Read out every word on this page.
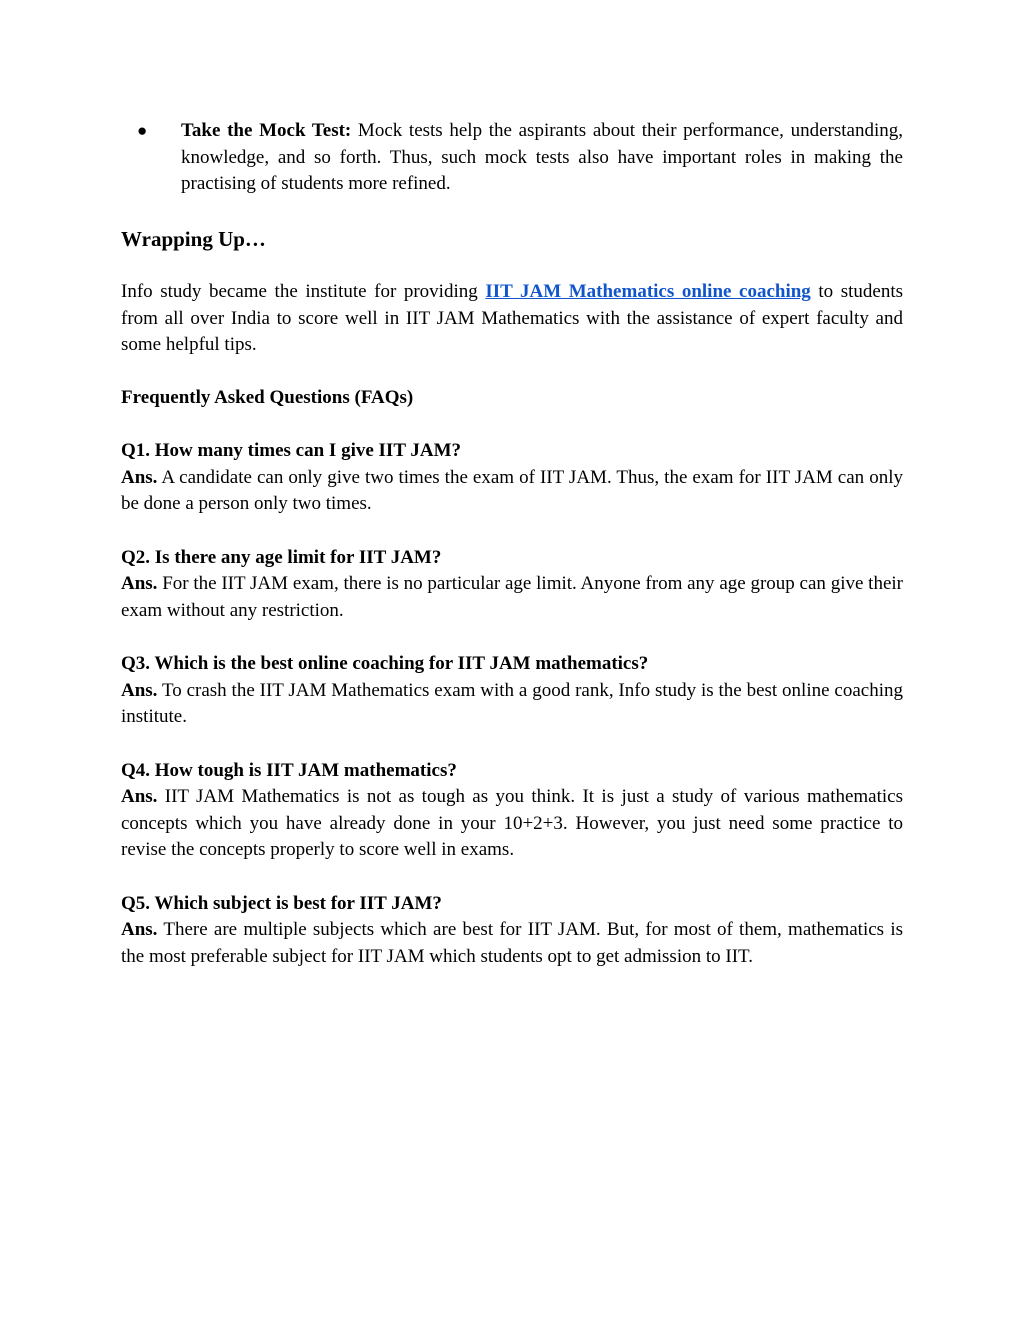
● Take the Mock Test: Mock tests help the aspirants about their performance, understanding, knowledge, and so forth. Thus, such mock tests also have important roles in making the practising of students more refined.
Wrapping Up…

Info study became the institute for providing IIT JAM Mathematics online coaching to students from all over India to score well in IIT JAM Mathematics with the assistance of expert faculty and some helpful tips.

Frequently Asked Questions (FAQs)

Q1. How many times can I give IIT JAM?

Ans. A candidate can only give two times the exam of IIT JAM. Thus, the exam for IIT JAM can only be done a person only two times.

Q2. Is there any age limit for IIT JAM?

Ans. For the IIT JAM exam, there is no particular age limit. Anyone from any age group can give their exam without any restriction.

Q3. Which is the best online coaching for IIT JAM mathematics?

Ans. To crash the IIT JAM Mathematics exam with a good rank, Info study is the best online coaching institute.

Q4. How tough is IIT JAM mathematics?

Ans. IIT JAM Mathematics is not as tough as you think. It is just a study of various mathematics concepts which you have already done in your 10+2+3. However, you just need some practice to revise the concepts properly to score well in exams.

Q5. Which subject is best for IIT JAM?

Ans. There are multiple subjects which are best for IIT JAM. But, for most of them, mathematics is the most preferable subject for IIT JAM which students opt to get admission to IIT.
